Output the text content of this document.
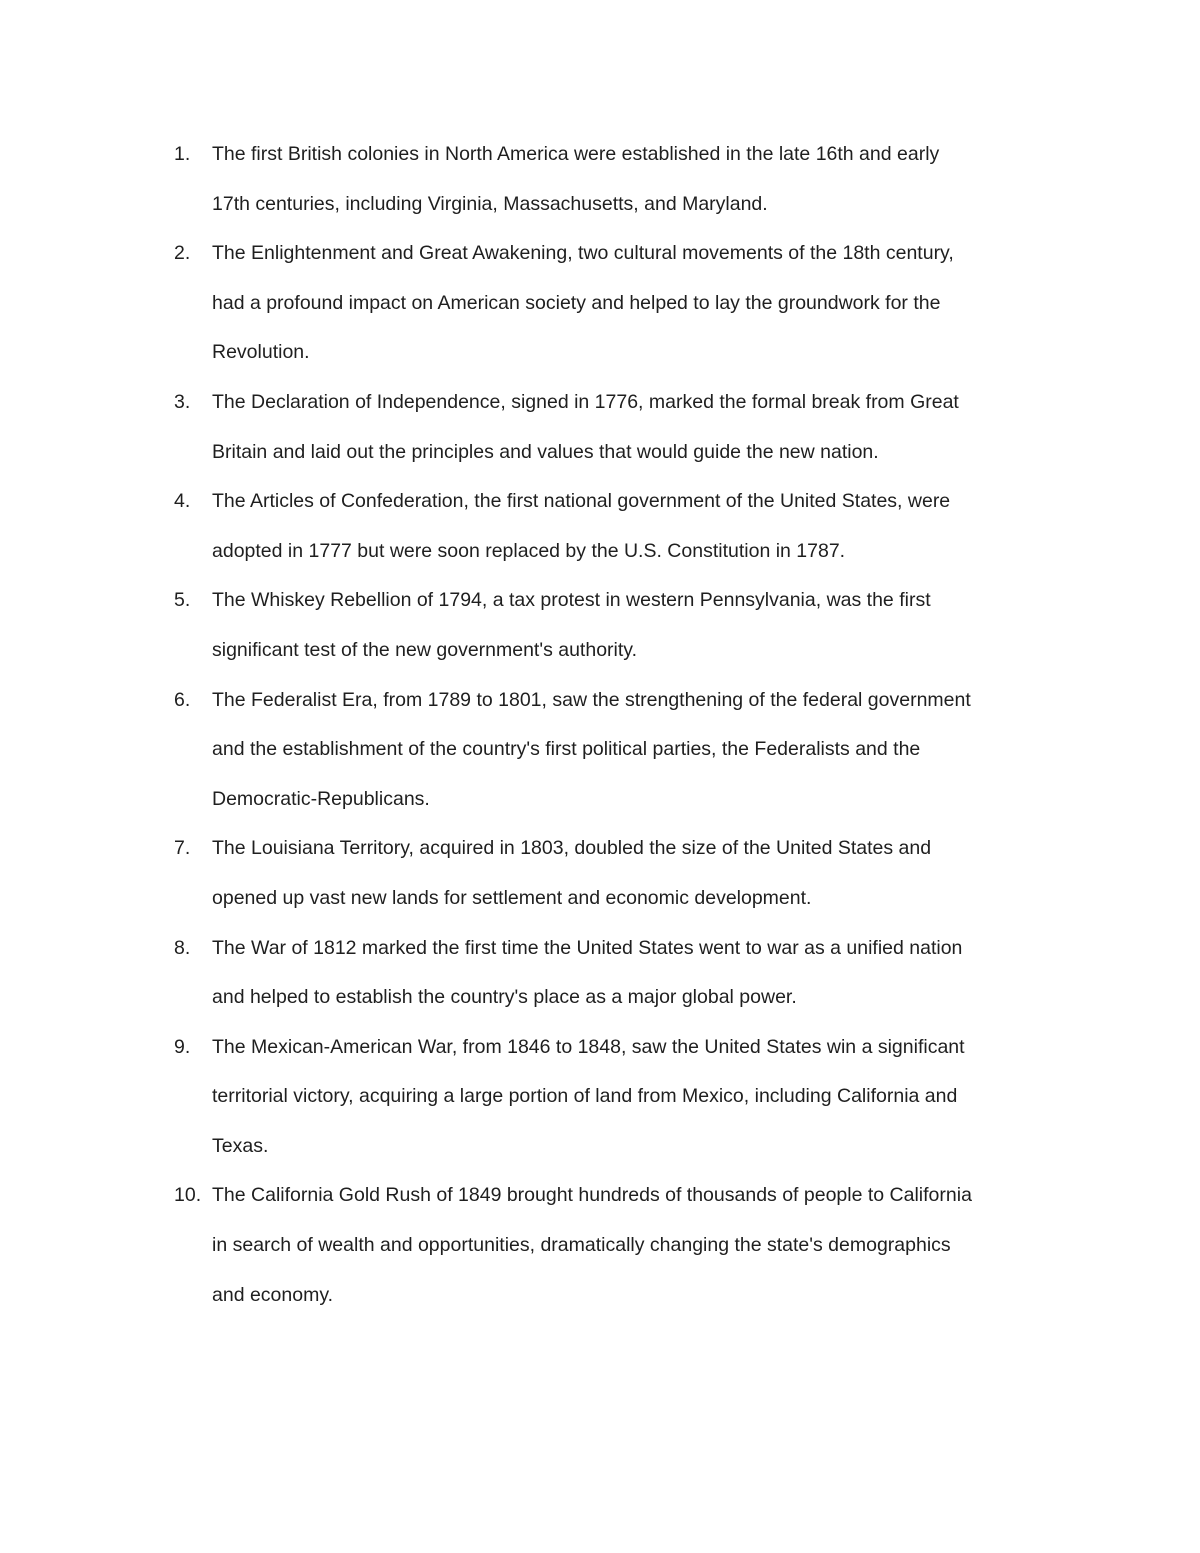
1.	The first British colonies in North America were established in the late 16th and early
17th centuries, including Virginia, Massachusetts, and Maryland.
2.	The Enlightenment and Great Awakening, two cultural movements of the 18th century,
had a profound impact on American society and helped to lay the groundwork for the
Revolution.
3.	The Declaration of Independence, signed in 1776, marked the formal break from Great
Britain and laid out the principles and values that would guide the new nation.
4.	The Articles of Confederation, the first national government of the United States, were
adopted in 1777 but were soon replaced by the U.S. Constitution in 1787.
5.	The Whiskey Rebellion of 1794, a tax protest in western Pennsylvania, was the first
significant test of the new government's authority.
6.	The Federalist Era, from 1789 to 1801, saw the strengthening of the federal government
and the establishment of the country's first political parties, the Federalists and the
Democratic-Republicans.
7.	The Louisiana Territory, acquired in 1803, doubled the size of the United States and
opened up vast new lands for settlement and economic development.
8.	The War of 1812 marked the first time the United States went to war as a unified nation
and helped to establish the country's place as a major global power.
9.	The Mexican-American War, from 1846 to 1848, saw the United States win a significant
territorial victory, acquiring a large portion of land from Mexico, including California and
Texas.
10. The California Gold Rush of 1849 brought hundreds of thousands of people to California
in search of wealth and opportunities, dramatically changing the state's demographics
and economy.
